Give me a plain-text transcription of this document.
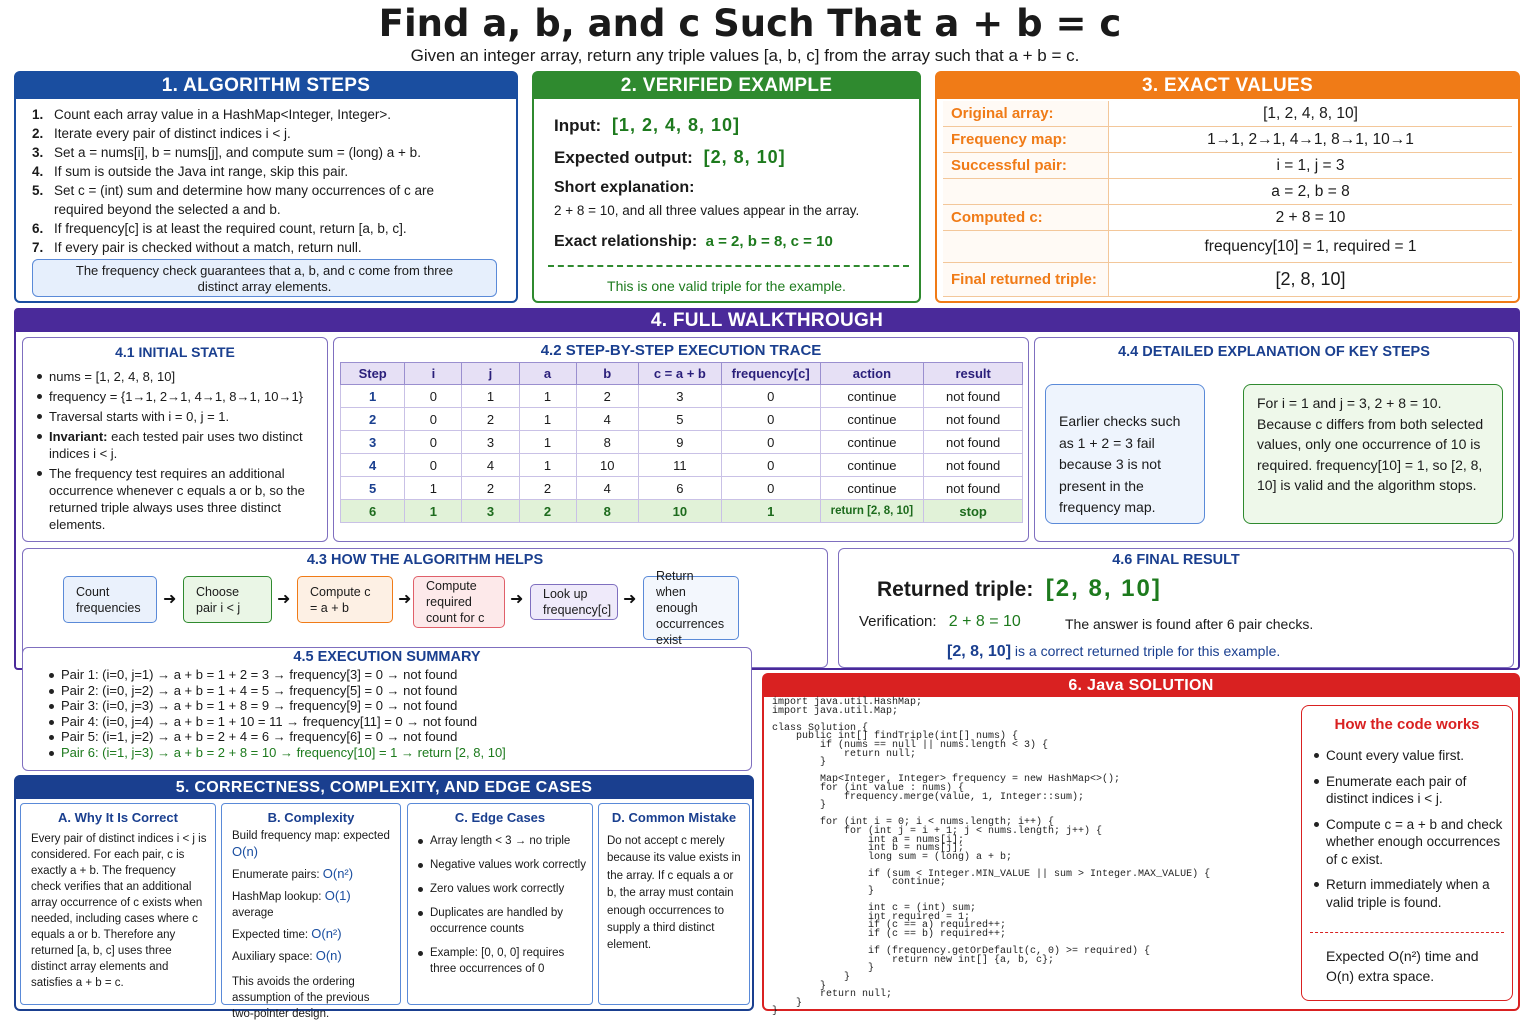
Find a, b, and c Such That a + b = c
Given an integer array, return any triple values [a, b, c] from the array such that a + b = c.
1. ALGORITHM STEPS
1. Count each array value in a HashMap<Integer, Integer>.
2. Iterate every pair of distinct indices i < j.
3. Set a = nums[i], b = nums[j], and compute sum = (long) a + b.
4. If sum is outside the Java int range, skip this pair.
5. Set c = (int) sum and determine how many occurrences of c are required beyond the selected a and b.
6. If frequency[c] is at least the required count, return [a, b, c].
7. If every pair is checked without a match, return null.
The frequency check guarantees that a, b, and c come from three distinct array elements.
2. VERIFIED EXAMPLE
Input: [1, 2, 4, 8, 10]
Expected output: [2, 8, 10]
Short explanation:
2 + 8 = 10, and all three values appear in the array.
Exact relationship: a = 2, b = 8, c = 10
This is one valid triple for the example.
3. EXACT VALUES
Original array:	[1, 2, 4, 8, 10]
Frequency map:	1→1, 2→1, 4→1, 8→1, 10→1
Successful pair:	i = 1, j = 3
a = 2, b = 8
Computed c:	2 + 8 = 10
frequency[10] = 1, required = 1
Final returned triple:	[2, 8, 10]
4. FULL WALKTHROUGH
4.1 INITIAL STATE
nums = [1, 2, 4, 8, 10]
frequency = {1→1, 2→1, 4→1, 8→1, 10→1}
Traversal starts with i = 0, j = 1.
Invariant: each tested pair uses two distinct indices i < j.
The frequency test requires an additional occurrence whenever c equals a or b, so the returned triple always uses three distinct elements.
4.2 STEP-BY-STEP EXECUTION TRACE
Step	i	j	a	b	c = a + b	frequency[c]	action	result
1	0	1	1	2	3	0	continue	not found
2	0	2	1	4	5	0	continue	not found
3	0	3	1	8	9	0	continue	not found
4	0	4	1	10	11	0	continue	not found
5	1	2	2	4	6	0	continue	not found
6	1	3	2	8	10	1	return [2, 8, 10]	stop
4.4 DETAILED EXPLANATION OF KEY STEPS
Earlier checks such as 1 + 2 = 3 fail because 3 is not present in the frequency map.
For i = 1 and j = 3, 2 + 8 = 10. Because c differs from both selected values, only one occurrence of 10 is required. frequency[10] = 1, so [2, 8, 10] is valid and the algorithm stops.
4.3 HOW THE ALGORITHM HELPS
Count frequencies	➜	Choose pair i < j	➜	Compute c = a + b	➜
Compute required count for c
➜	Look up frequency[c]
➜
Return when enough occurrences exist
4.6 FINAL RESULT
Returned triple: [2, 8, 10]
Verification: 2 + 8 = 10	The answer is found after 6 pair checks.
[2, 8, 10] is a correct returned triple for this example.
4.5 EXECUTION SUMMARY
Pair 1: (i=0, j=1) → a + b = 1 + 2 = 3 → frequency[3] = 0 → not found
Pair 2: (i=0, j=2) → a + b = 1 + 4 = 5 → frequency[5] = 0 → not found
Pair 3: (i=0, j=3) → a + b = 1 + 8 = 9 → frequency[9] = 0 → not found
Pair 4: (i=0, j=4) → a + b = 1 + 10 = 11 → frequency[11] = 0 → not found
Pair 5: (i=1, j=2) → a + b = 2 + 4 = 6 → frequency[6] = 0 → not found
Pair 6: (i=1, j=3) → a + b = 2 + 8 = 10 → frequency[10] = 1 → return [2, 8, 10]
5. CORRECTNESS, COMPLEXITY, AND EDGE CASES
A. Why It Is Correct
Every pair of distinct indices i < j is considered. For each pair, c is exactly a + b. The frequency check verifies that an additional array occurrence of c exists when needed, including cases where c equals a or b. Therefore any returned [a, b, c] uses three distinct array elements and satisfies a + b = c.
B. Complexity
Build frequency map: expected O(n)
Enumerate pairs: O(n²)
HashMap lookup: O(1) average
Expected time: O(n²)
Auxiliary space: O(n)
This avoids the ordering assumption of the previous two-pointer design.
C. Edge Cases
Array length < 3 → no triple
Negative values work correctly
Zero values work correctly
Duplicates are handled by occurrence counts
Example: [0, 0, 0] requires three occurrences of 0
D. Common Mistake
Do not accept c merely because its value exists in the array. If c equals a or b, the array must contain enough occurrences to supply a third distinct element.
6. Java SOLUTION
import java.util.HashMap;
import java.util.Map;
class Solution {
public int[] findTriple(int[] nums) {
if (nums == null || nums.length < 3) {
return null;
}
Map<Integer, Integer> frequency = new HashMap<>();
for (int value : nums) {
frequency.merge(value, 1, Integer::sum);
}
for (int i = 0; i < nums.length; i++) {
for (int j = i + 1; j < nums.length; j++) {
int a = nums[i];
int b = nums[j];
long sum = (long) a + b;
if (sum < Integer.MIN_VALUE || sum > Integer.MAX_VALUE) {
continue;
}
int c = (int) sum;
int required = 1;
if (c == a) required++;
if (c == b) required++;
if (frequency.getOrDefault(c, 0) >= required) {
return new int[] {a, b, c};
}
}
}
return null;
}
}
How the code works
Count every value first.
Enumerate each pair of distinct indices i < j.
Compute c = a + b and check whether enough occurrences of c exist.
Return immediately when a valid triple is found.
Expected O(n²) time and O(n) extra space.
